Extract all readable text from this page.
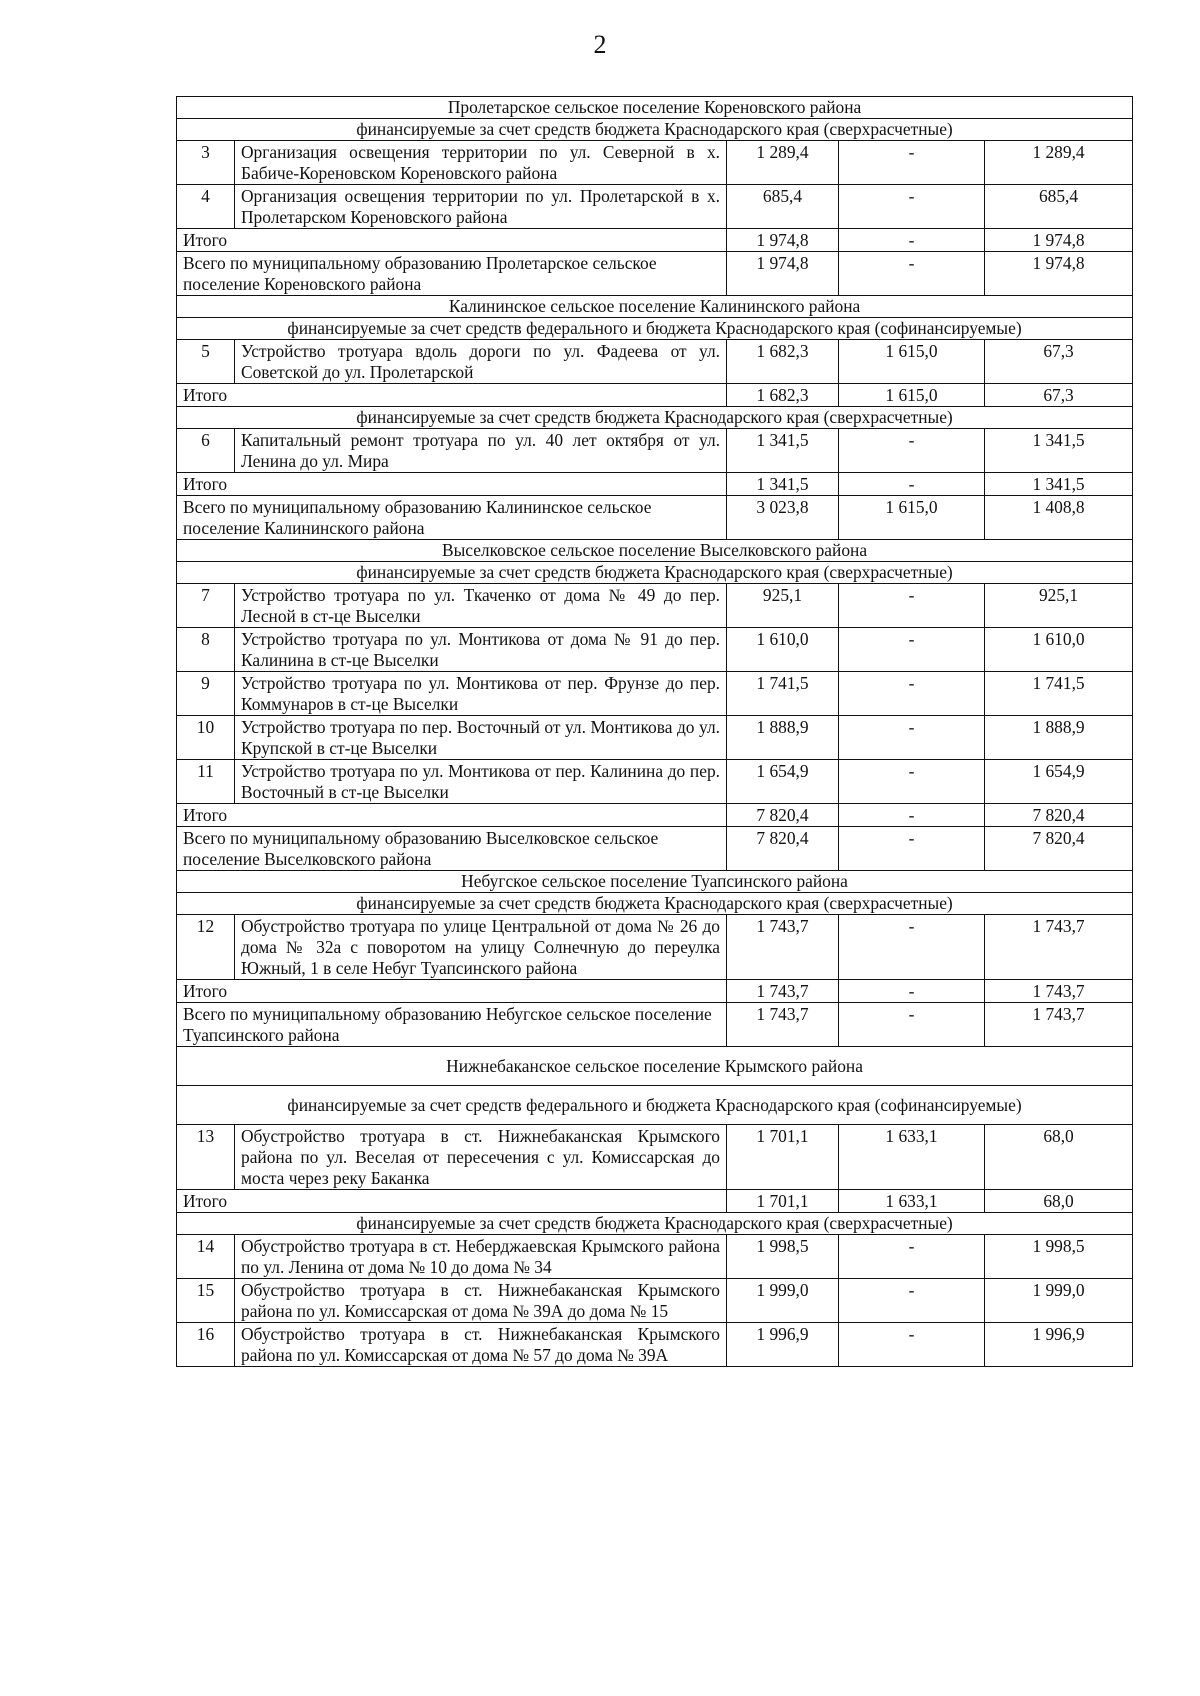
2
Пролетарское сельское поселение Кореновского района				
финансируемые за счет средств бюджета Краснодарского края (сверхрасчетные)				
3	Организация освещения территории по ул. Северной в х. Бабиче-Кореновском Кореновского района	1 289,4	-	1 289,4
4	Организация освещения территории по ул. Пролетарской в х. Пролетарском Кореновского района	685,4	-	685,4
Итого		1 974,8	-	1 974,8
Всего по муниципальному образованию Пролетарское сельское поселение Кореновского района		1 974,8	-	1 974,8
Калининское сельское поселение Калининского района				
финансируемые за счет средств федерального и бюджета Краснодарского края (софинансируемые)				
5	Устройство тротуара вдоль дороги по ул. Фадеева от ул. Советской до ул. Пролетарской	1 682,3	1 615,0	67,3
Итого		1 682,3	1 615,0	67,3
финансируемые за счет средств бюджета Краснодарского края (сверхрасчетные)				
6	Капитальный ремонт тротуара по ул. 40 лет октября от ул. Ленина до ул. Мира	1 341,5	-	1 341,5
Итого		1 341,5	-	1 341,5
Всего по муниципальному образованию Калининское сельское поселение Калининского района		3 023,8	1 615,0	1 408,8
Выселковское сельское поселение Выселковского района				
финансируемые за счет средств бюджета Краснодарского края (сверхрасчетные)				
7	Устройство тротуара по ул. Ткаченко от дома № 49 до пер. Лесной в ст-це Выселки	925,1	-	925,1
8	Устройство тротуара по ул. Монтикова от дома № 91 до пер. Калинина в ст-це Выселки	1 610,0	-	1 610,0
9	Устройство тротуара по ул. Монтикова от пер. Фрунзе до пер. Коммунаров в ст-це Выселки	1 741,5	-	1 741,5
10	Устройство тротуара по пер. Восточный от ул. Монтикова до ул. Крупской в ст-це Выселки	1 888,9	-	1 888,9
11	Устройство тротуара по ул. Монтикова от пер. Калинина до пер. Восточный в ст-це Выселки	1 654,9	-	1 654,9
Итого		7 820,4	-	7 820,4
Всего по муниципальному образованию Выселковское сельское поселение Выселковского района		7 820,4	-	7 820,4
Небугское сельское поселение Туапсинского района				
финансируемые за счет средств бюджета Краснодарского края (сверхрасчетные)				
12	Обустройство тротуара по улице Центральной от дома № 26 до дома № 32а с поворотом на улицу Солнечную до переулка Южный, 1 в селе Небуг Туапсинского района	1 743,7	-	1 743,7
Итого		1 743,7	-	1 743,7
Всего по муниципальному образованию Небугское сельское поселение Туапсинского района		1 743,7	-	1 743,7
Нижнебаканское сельское поселение Крымского района				
финансируемые за счет средств федерального и бюджета Краснодарского края (софинансируемые)				
13	Обустройство тротуара в ст. Нижнебаканская Крымского района по ул. Веселая от пересечения с ул. Комиссарская до моста через реку Баканка	1 701,1	1 633,1	68,0
Итого		1 701,1	1 633,1	68,0
финансируемые за счет средств бюджета Краснодарского края (сверхрасчетные)				
14	Обустройство тротуара в ст. Неберджаевская Крымского района по ул. Ленина от дома № 10 до дома № 34	1 998,5	-	1 998,5
15	Обустройство тротуара в ст. Нижнебаканская Крымского района по ул. Комиссарская от дома № 39А до дома № 15	1 999,0	-	1 999,0
16	Обустройство тротуара в ст. Нижнебаканская Крымского района по ул. Комиссарская от дома № 57 до дома № 39А	1 996,9	-	1 996,9
